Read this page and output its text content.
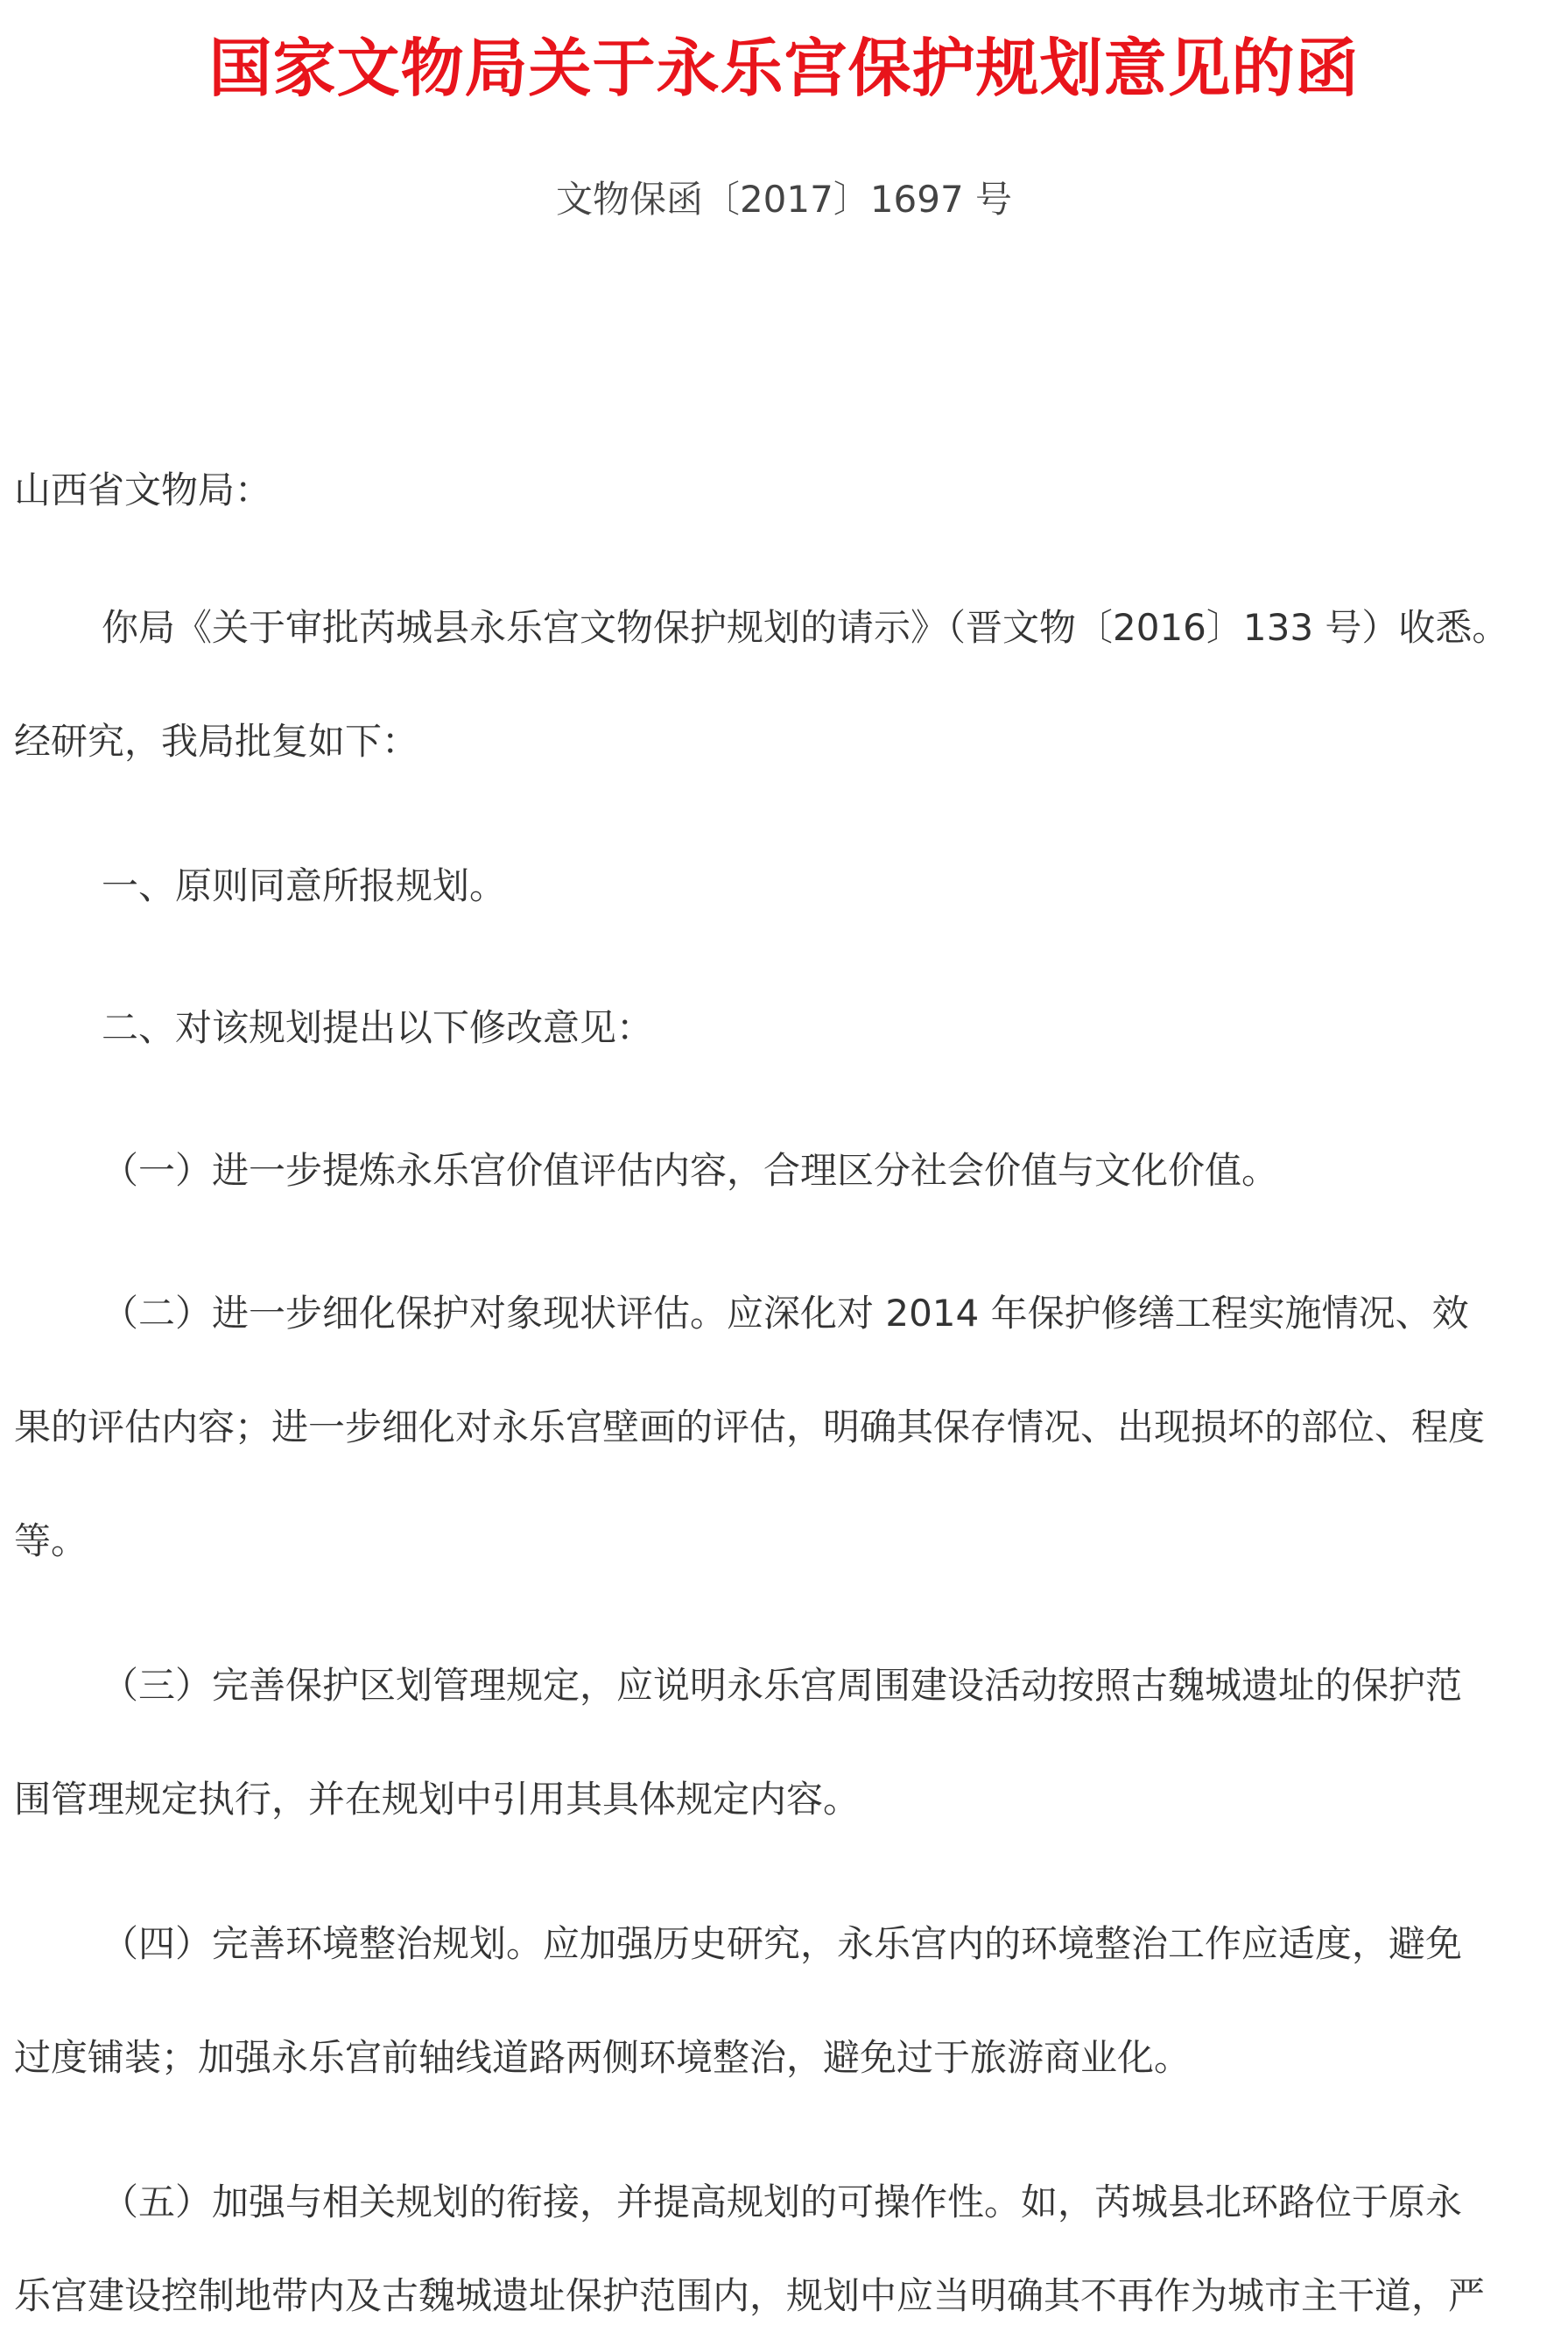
国家文物局关于永乐宫保护规划意见的函

文物保函〔2017〕1697 号

山西省文物局：

你局《关于审批芮城县永乐宫文物保护规划的请示》（晋文物〔2016〕133 号）收悉。

经研究，我局批复如下：

一、原则同意所报规划。

二、对该规划提出以下修改意见：

（一）进一步提炼永乐宫价值评估内容，合理区分社会价值与文化价值。

（二）进一步细化保护对象现状评估。应深化对 2014 年保护修缮工程实施情况、效

果的评估内容；进一步细化对永乐宫壁画的评估，明确其保存情况、出现损坏的部位、程度

等。

（三）完善保护区划管理规定，应说明永乐宫周围建设活动按照古魏城遗址的保护范

围管理规定执行，并在规划中引用其具体规定内容。

（四）完善环境整治规划。应加强历史研究，永乐宫内的环境整治工作应适度，避免

过度铺装；加强永乐宫前轴线道路两侧环境整治，避免过于旅游商业化。

（五）加强与相关规划的衔接，并提高规划的可操作性。如，芮城县北环路位于原永

乐宫建设控制地带内及古魏城遗址保护范围内，规划中应当明确其不再作为城市主干道，严
